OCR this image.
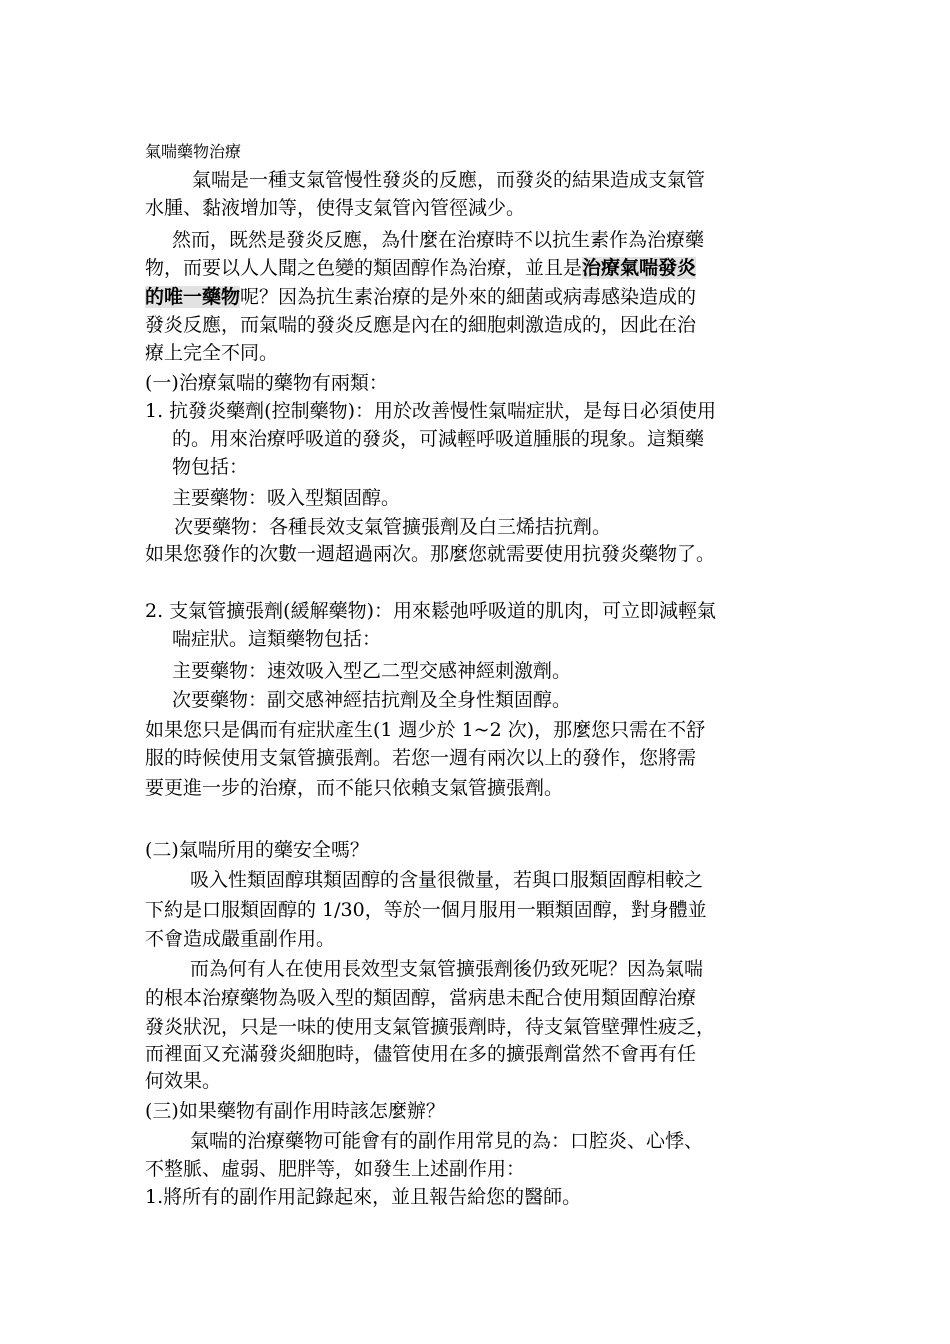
氣喘藥物治療
氣喘是一種支氣管慢性發炎的反應，而發炎的結果造成支氣管
水腫、黏液增加等，使得支氣管內管徑減少。
然而，既然是發炎反應，為什麼在治療時不以抗生素作為治療藥
物，而要以人人聞之色變的類固醇作為治療，並且是治療氣喘發炎
的唯一藥物呢？因為抗生素治療的是外來的細菌或病毒感染造成的
發炎反應，而氣喘的發炎反應是內在的細胞刺激造成的，因此在治
療上完全不同。
(一)治療氣喘的藥物有兩類：
1. 抗發炎藥劑(控制藥物)：用於改善慢性氣喘症狀，是每日必須使用
的。用來治療呼吸道的發炎，可減輕呼吸道腫脹的現象。這類藥
物包括：
主要藥物：吸入型類固醇。
次要藥物：各種長效支氣管擴張劑及白三烯拮抗劑。
如果您發作的次數一週超過兩次。那麼您就需要使用抗發炎藥物了。
2. 支氣管擴張劑(緩解藥物)：用來鬆弛呼吸道的肌肉，可立即減輕氣
喘症狀。這類藥物包括：
主要藥物：速效吸入型乙二型交感神經刺激劑。
次要藥物：副交感神經拮抗劑及全身性類固醇。
如果您只是偶而有症狀產生(1 週少於 1~2 次)，那麼您只需在不舒
服的時候使用支氣管擴張劑。若您一週有兩次以上的發作，您將需
要更進一步的治療，而不能只依賴支氣管擴張劑。
(二)氣喘所用的藥安全嗎？
吸入性類固醇琪類固醇的含量很微量，若與口服類固醇相較之
下約是口服類固醇的 1/30，等於一個月服用一顆類固醇，對身體並
不會造成嚴重副作用。
而為何有人在使用長效型支氣管擴張劑後仍致死呢？因為氣喘
的根本治療藥物為吸入型的類固醇，當病患未配合使用類固醇治療
發炎狀況，只是一味的使用支氣管擴張劑時，待支氣管壁彈性疲乏，
而裡面又充滿發炎細胞時，儘管使用在多的擴張劑當然不會再有任
何效果。
(三)如果藥物有副作用時該怎麼辦？
氣喘的治療藥物可能會有的副作用常見的為：口腔炎、心悸、
不整脈、虛弱、肥胖等，如發生上述副作用：
1.將所有的副作用記錄起來，並且報告給您的醫師。
